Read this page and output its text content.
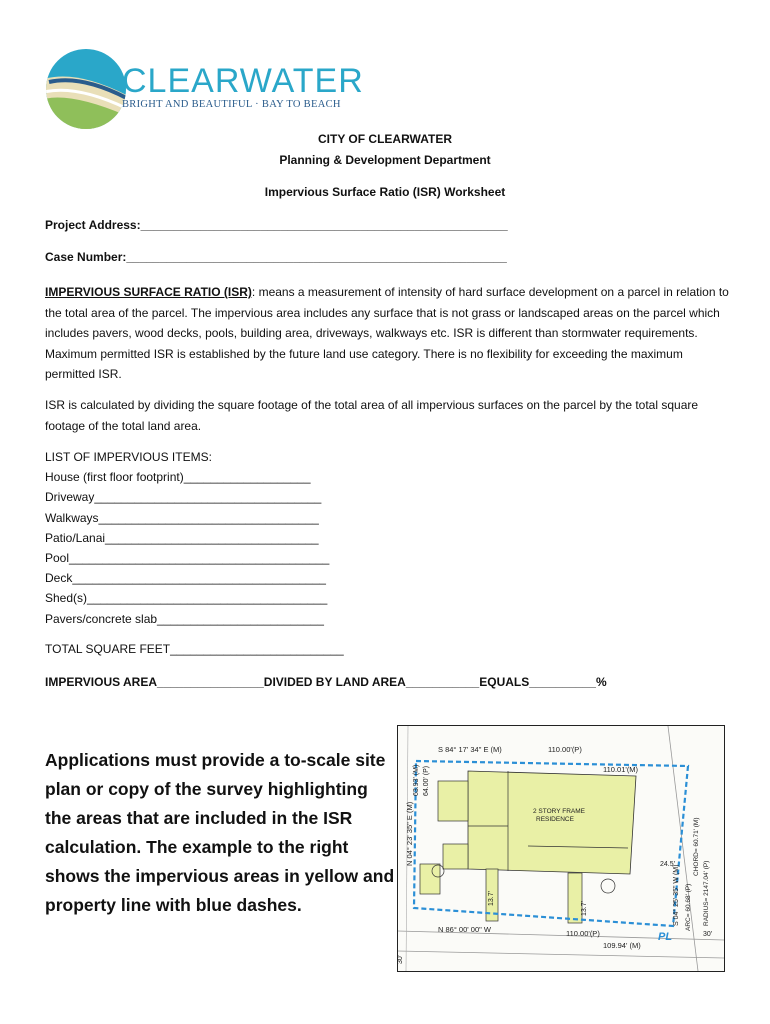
CLEARWATER
BRIGHT AND BEAUTIFUL · BAY TO BEACH
CITY OF CLEARWATER
Planning & Development Department
Impervious Surface Ratio (ISR) Worksheet
Project Address:_______________________________________________________
Case Number:_________________________________________________________
IMPERVIOUS SURFACE RATIO (ISR): means a measurement of intensity of hard surface development on a parcel in relation to the total area of the parcel. The impervious area includes any surface that is not grass or landscaped areas on the parcel which includes pavers, wood decks, pools, building area, driveways, walkways etc. ISR is different than stormwater requirements. Maximum permitted ISR is established by the future land use category. There is no flexibility for exceeding the maximum permitted ISR.
ISR is calculated by dividing the square footage of the total area of all impervious surfaces on the parcel by the total square footage of the total land area.
LIST OF IMPERVIOUS ITEMS:
House (first floor footprint)___________________
Driveway__________________________________
Walkways_________________________________
Patio/Lanai________________________________
Pool_______________________________________
Deck______________________________________
Shed(s)____________________________________
Pavers/concrete slab_________________________
TOTAL SQUARE FEET__________________________
IMPERVIOUS AREA________________DIVIDED BY LAND AREA___________EQUALS__________%
Applications must provide a to-scale site plan or copy of the survey highlighting the areas that are included in the ISR calculation. The example to the right shows the impervious areas in yellow and property line with blue dashes.
S 84° 17' 34" E (M)	110.00'(P)
110.01'(M)
2 STORY FRAME
RESIDENCE
24.5'
110.00'(P)
109.94' (M)
N 86° 00' 00" W
PL	30'
30'
N 04° 23' 35" E (M)
63.93' (M) 64.00' (P)
S 04° 25' 35" W (M) ARC= 60.68' (P)
CHORD= 60.71' (M)
RADIUS= 2147.04' (P)
13.7'
13.7'
